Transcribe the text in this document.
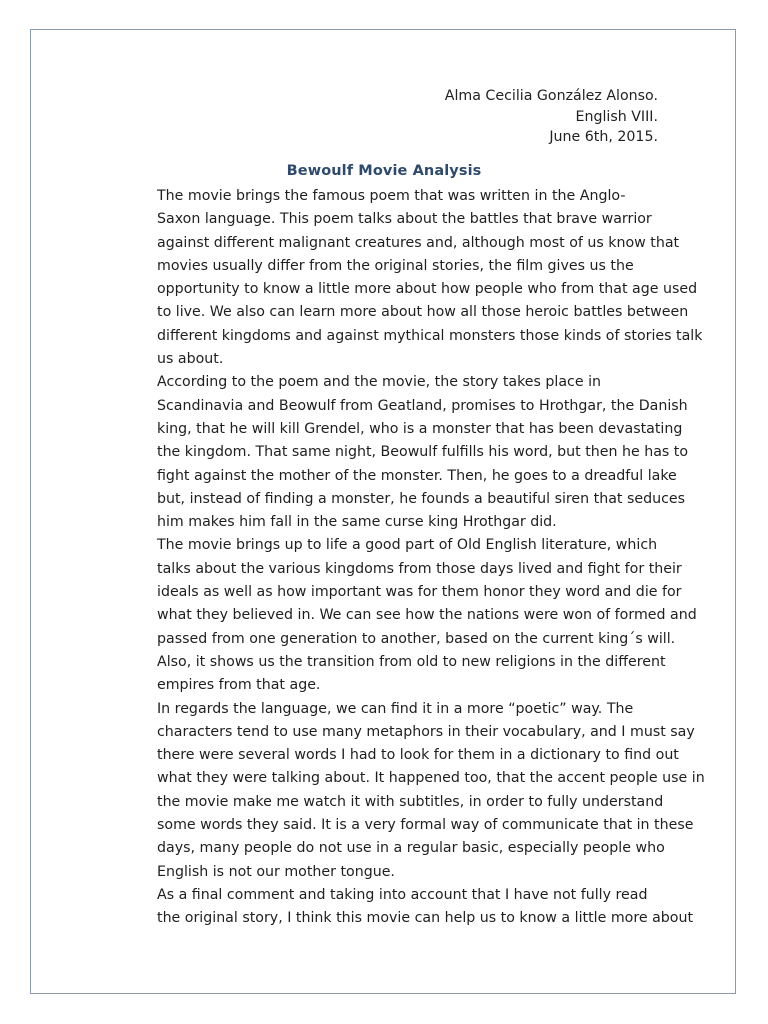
Alma Cecilia González Alonso.
English VIII.
June 6th, 2015.
Bewoulf Movie Analysis

The movie brings the famous poem that was written in the Anglo-
Saxon language. This poem talks about the battles that brave warrior
against different malignant creatures and, although most of us know that
movies usually differ from the original stories, the film gives us the
opportunity to know a little more about how people who from that age used
to live. We also can learn more about how all those heroic battles between
different kingdoms and against mythical monsters those kinds of stories talk
us about.

According to the poem and the movie, the story takes place in
Scandinavia and Beowulf from Geatland, promises to Hrothgar, the Danish
king, that he will kill Grendel, who is a monster that has been devastating
the kingdom. That same night, Beowulf fulfills his word, but then he has to
fight against the mother of the monster. Then, he goes to a dreadful lake
but, instead of finding a monster, he founds a beautiful siren that seduces
him makes him fall in the same curse king Hrothgar did.

The movie brings up to life a good part of Old English literature, which
talks about the various kingdoms from those days lived and fight for their
ideals as well as how important was for them honor they word and die for
what they believed in. We can see how the nations were won of formed and
passed from one generation to another, based on the current king´s will.
Also, it shows us the transition from old to new religions in the different
empires from that age.

In regards the language, we can find it in a more “poetic” way. The
characters tend to use many metaphors in their vocabulary, and I must say
there were several words I had to look for them in a dictionary to find out
what they were talking about. It happened too, that the accent people use in
the movie make me watch it with subtitles, in order to fully understand
some words they said. It is a very formal way of communicate that in these
days, many people do not use in a regular basic, especially people who
English is not our mother tongue.

As a final comment and taking into account that I have not fully read
the original story, I think this movie can help us to know a little more about
